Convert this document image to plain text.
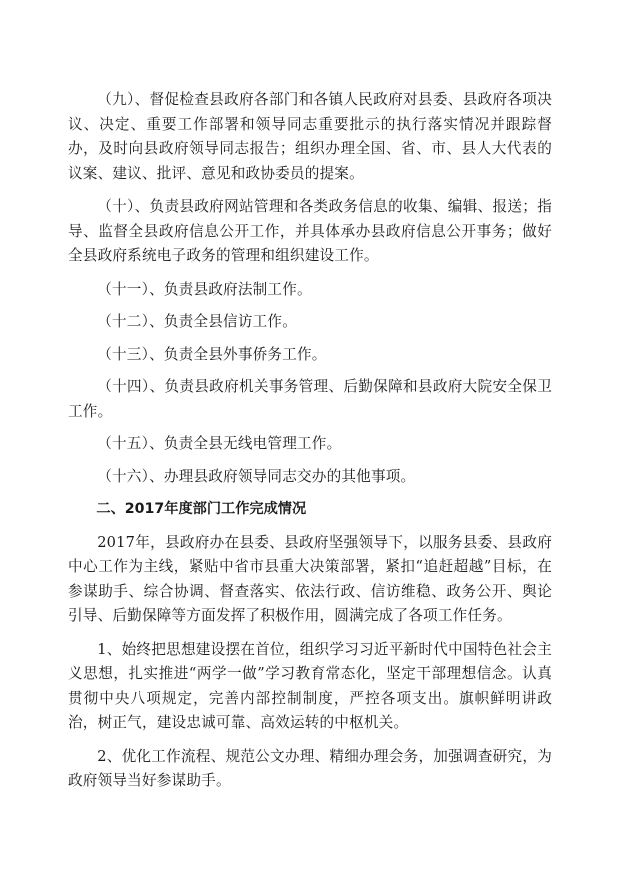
（九）、督促检查县政府各部门和各镇人民政府对县委、县政府各项决议、决定、重要工作部署和领导同志重要批示的执行落实情况并跟踪督办，及时向县政府领导同志报告；组织办理全国、省、市、县人大代表的议案、建议、批评、意见和政协委员的提案。

（十）、负责县政府网站管理和各类政务信息的收集、编辑、报送；指导、监督全县政府信息公开工作，并具体承办县政府信息公开事务；做好全县政府系统电子政务的管理和组织建设工作。

（十一）、负责县政府法制工作。

（十二）、负责全县信访工作。

（十三）、负责全县外事侨务工作。

（十四）、负责县政府机关事务管理、后勤保障和县政府大院安全保卫工作。

（十五）、负责全县无线电管理工作。

（十六）、办理县政府领导同志交办的其他事项。

二、2017年度部门工作完成情况

2017年，县政府办在县委、县政府坚强领导下，以服务县委、县政府中心工作为主线，紧贴中省市县重大决策部署，紧扣“追赶超越”目标，在参谋助手、综合协调、督查落实、依法行政、信访维稳、政务公开、舆论引导、后勤保障等方面发挥了积极作用，圆满完成了各项工作任务。

1、始终把思想建设摆在首位，组织学习习近平新时代中国特色社会主义思想，扎实推进“两学一做”学习教育常态化，坚定干部理想信念。认真贯彻中央八项规定，完善内部控制制度，严控各项支出。旗帜鲜明讲政治，树正气，建设忠诚可靠、高效运转的中枢机关。

2、优化工作流程、规范公文办理、精细办理会务，加强调查研究，为政府领导当好参谋助手。
